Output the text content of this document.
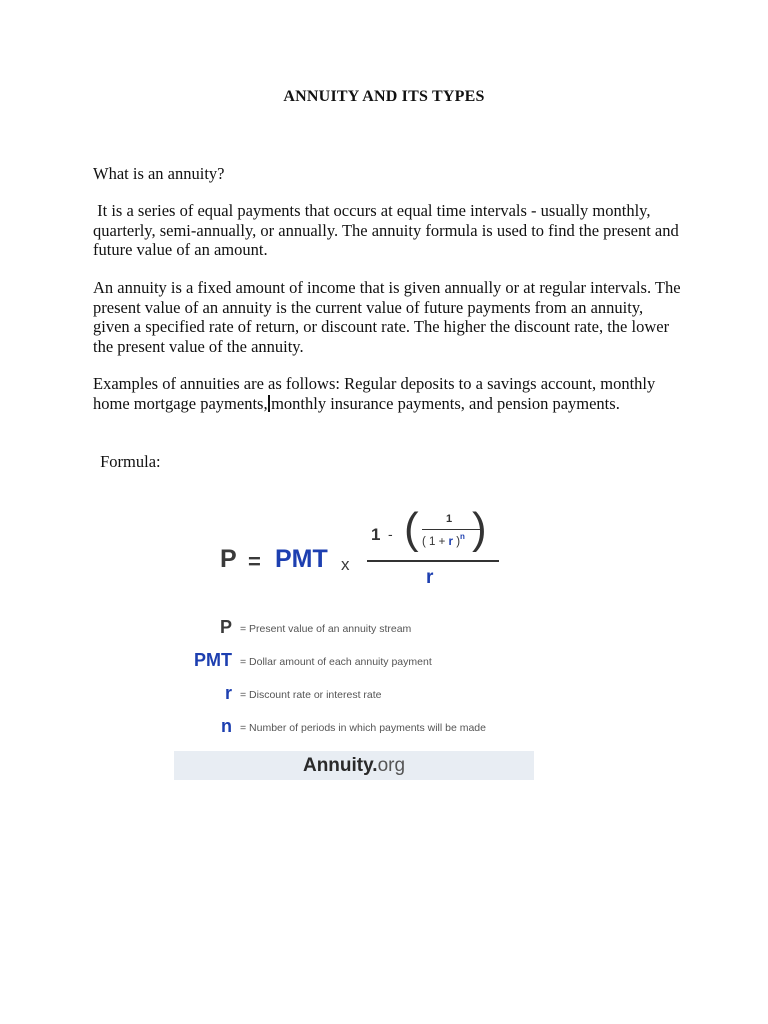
ANNUITY AND ITS TYPES

What is an annuity?

It is a series of equal payments that occurs at equal time intervals - usually monthly, quarterly, semi-annually, or annually. The annuity formula is used to find the present and future value of an amount.

An annuity is a fixed amount of income that is given annually or at regular intervals. The present value of an annuity is the current value of future payments from an annuity, given a specified rate of return, or discount rate. The higher the discount rate, the lower the present value of the annuity.

Examples of annuities are as follows: Regular deposits to a savings account, monthly home mortgage payments, monthly insurance payments, and pension payments.

Formula:

P = PMT x
1 - ( 1
( 1 + r )$^n$ )
r
P = Present value of an annuity stream
PMT = Dollar amount of each annuity payment
r = Discount rate or interest rate
n = Number of periods in which payments will be made
Annuity.org
